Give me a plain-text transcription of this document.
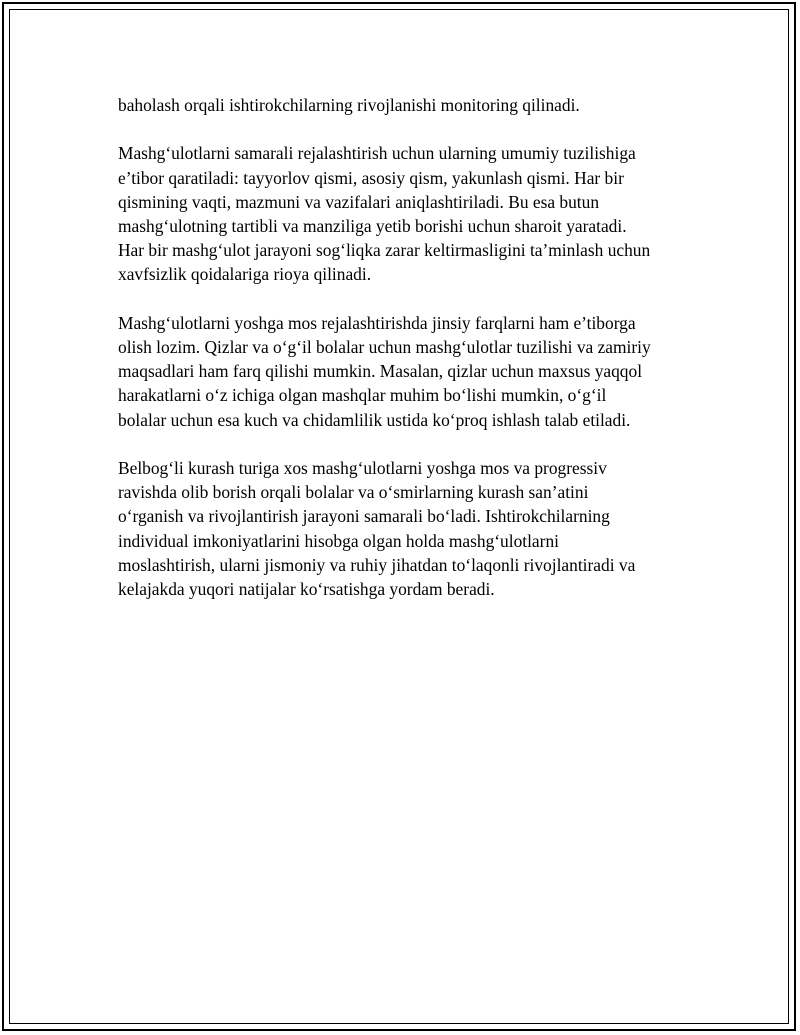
baholash orqali ishtirokchilarning rivojlanishi monitoring qilinadi.

Mashg‘ulotlarni samarali rejalashtirish uchun ularning umumiy tuzilishiga
e’tibor qaratiladi: tayyorlov qismi, asosiy qism, yakunlash qismi. Har bir
qismining vaqti, mazmuni va vazifalari aniqlashtiriladi. Bu esa butun
mashg‘ulotning tartibli va manziliga yetib borishi uchun sharoit yaratadi.
Har bir mashg‘ulot jarayoni sog‘liqka zarar keltirmasligini ta’minlash uchun
xavfsizlik qoidalariga rioya qilinadi.

Mashg‘ulotlarni yoshga mos rejalashtirishda jinsiy farqlarni ham e’tiborga
olish lozim. Qizlar va o‘g‘il bolalar uchun mashg‘ulotlar tuzilishi va zamiriy
maqsadlari ham farq qilishi mumkin. Masalan, qizlar uchun maxsus yaqqol
harakatlarni o‘z ichiga olgan mashqlar muhim bo‘lishi mumkin, o‘g‘il
bolalar uchun esa kuch va chidamlilik ustida ko‘proq ishlash talab etiladi.

Belbog‘li kurash turiga xos mashg‘ulotlarni yoshga mos va progressiv
ravishda olib borish orqali bolalar va o‘smirlarning kurash san’atini
o‘rganish va rivojlantirish jarayoni samarali bo‘ladi. Ishtirokchilarning
individual imkoniyatlarini hisobga olgan holda mashg‘ulotlarni
moslashtirish, ularni jismoniy va ruhiy jihatdan to‘laqonli rivojlantiradi va
kelajakda yuqori natijalar ko‘rsatishga yordam beradi.
